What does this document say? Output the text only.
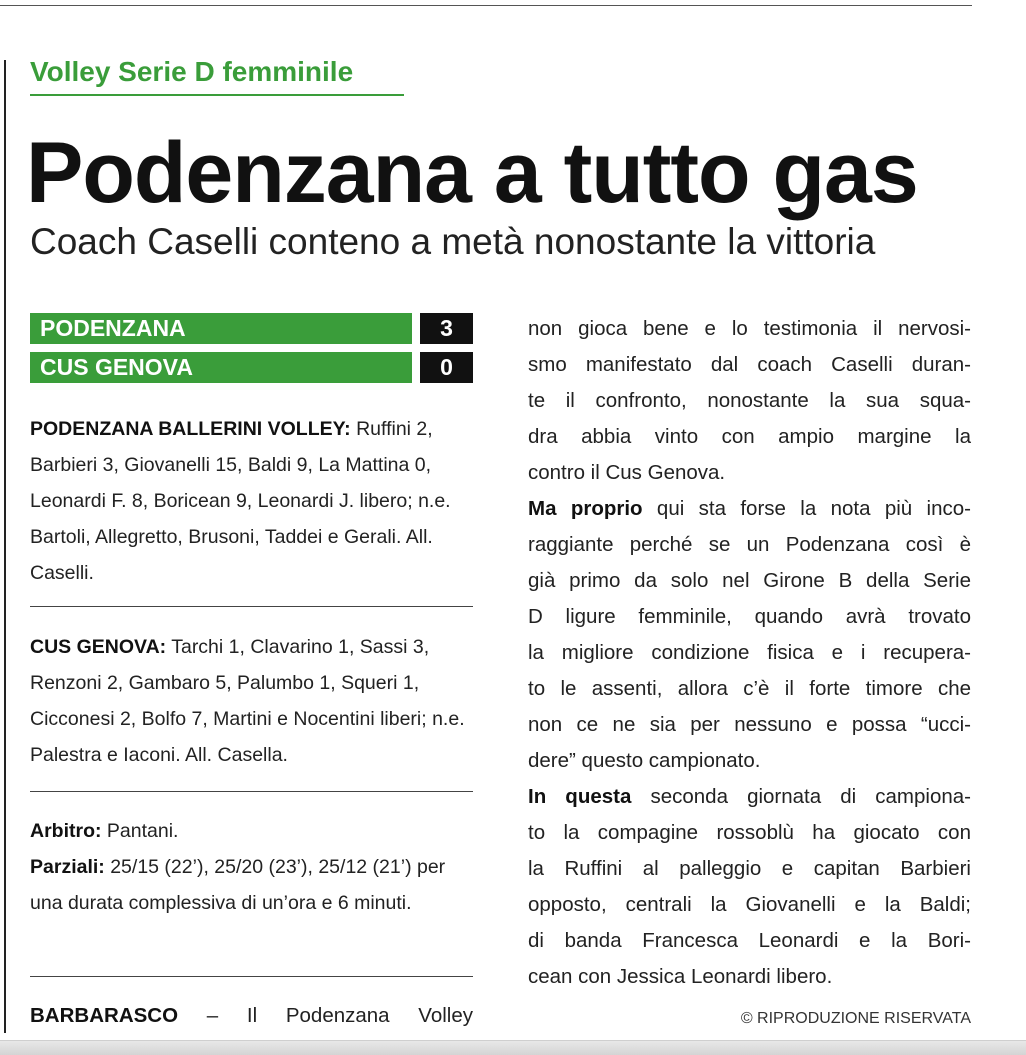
Volley Serie D femminile
Podenzana a tutto gas
Coach Caselli conteno a metà nonostante la vittoria
PODENZANA	3
CUS GENOVA	0
PODENZANA BALLERINI VOLLEY: Ruffini 2, Barbieri 3, Giovanelli 15, Baldi 9, La Mattina 0, Leonardi F. 8, Boricean 9, Leonardi J. libero; n.e. Bartoli, Allegretto, Brusoni, Taddei e Gerali. All. Caselli.
CUS GENOVA: Tarchi 1, Clavarino 1, Sassi 3, Renzoni 2, Gambaro 5, Palumbo 1, Squeri 1, Cicconesi 2, Bolfo 7, Martini e Nocentini liberi; n.e. Palestra e Iaconi. All. Casella.
Arbitro: Pantani.
Parziali: 25/15 (22’), 25/20 (23’), 25/12 (21’) per una durata complessiva di un’ora e 6 minuti.
BARBARASCO – Il Podenzana Volley
non gioca bene e lo testimonia il nervosi-
smo manifestato dal coach Caselli duran-
te il confronto, nonostante la sua squa-
dra abbia vinto con ampio margine la
contro il Cus Genova.
Ma proprio qui sta forse la nota più inco-
raggiante perché se un Podenzana così è
già primo da solo nel Girone B della Serie
D ligure femminile, quando avrà trovato
la migliore condizione fisica e i recupera-
to le assenti, allora c’è il forte timore che
non ce ne sia per nessuno e possa “ucci-
dere” questo campionato.
In questa seconda giornata di campiona-
to la compagine rossoblù ha giocato con
la Ruffini al palleggio e capitan Barbieri
opposto, centrali la Giovanelli e la Baldi;
di banda Francesca Leonardi e la Bori-
cean con Jessica Leonardi libero.
© RIPRODUZIONE RISERVATA
